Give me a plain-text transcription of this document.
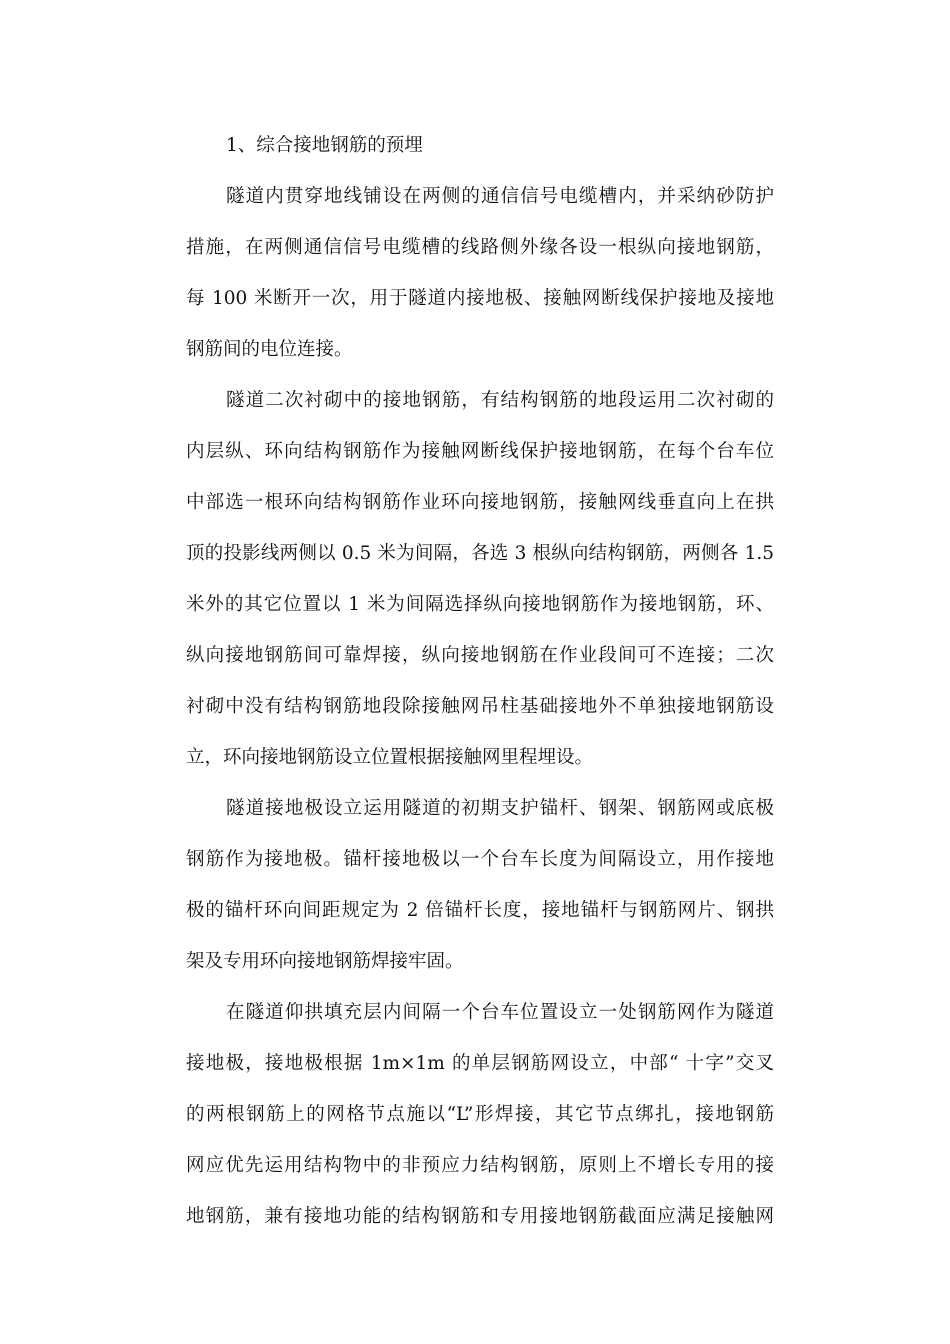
1、综合接地钢筋的预埋
隧道内贯穿地线铺设在两侧的通信信号电缆槽内，并采纳砂防护
措施，在两侧通信信号电缆槽的线路侧外缘各设一根纵向接地钢筋，
每 100 米断开一次，用于隧道内接地极、接触网断线保护接地及接地
钢筋间的电位连接。
隧道二次衬砌中的接地钢筋，有结构钢筋的地段运用二次衬砌的
内层纵、环向结构钢筋作为接触网断线保护接地钢筋，在每个台车位
中部选一根环向结构钢筋作业环向接地钢筋，接触网线垂直向上在拱
顶的投影线两侧以 0.5 米为间隔，各选 3 根纵向结构钢筋，两侧各 1.5
米外的其它位置以 1 米为间隔选择纵向接地钢筋作为接地钢筋，环、
纵向接地钢筋间可靠焊接，纵向接地钢筋在作业段间可不连接；二次
衬砌中没有结构钢筋地段除接触网吊柱基础接地外不单独接地钢筋设
立，环向接地钢筋设立位置根据接触网里程埋设。
隧道接地极设立运用隧道的初期支护锚杆、钢架、钢筋网或底极
钢筋作为接地极。锚杆接地极以一个台车长度为间隔设立，用作接地
极的锚杆环向间距规定为 2 倍锚杆长度，接地锚杆与钢筋网片、钢拱
架及专用环向接地钢筋焊接牢固。
在隧道仰拱填充层内间隔一个台车位置设立一处钢筋网作为隧道
接地极，接地极根据 1m×1m 的单层钢筋网设立，中部“ 十字”交叉
的两根钢筋上的网格节点施以“L”形焊接，其它节点绑扎，接地钢筋
网应优先运用结构物中的非预应力结构钢筋，原则上不增长专用的接
地钢筋，兼有接地功能的结构钢筋和专用接地钢筋截面应满足接触网
